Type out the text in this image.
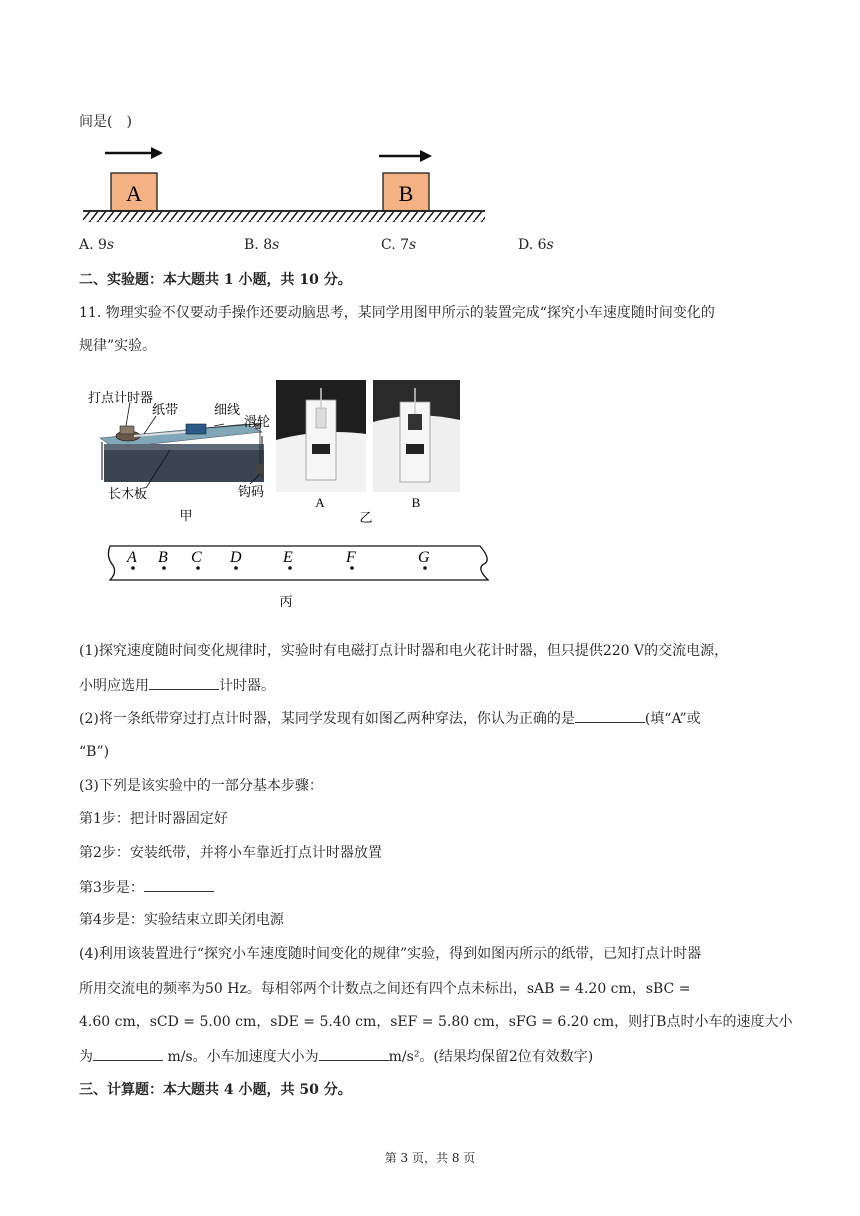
间是(　)
A	B
A. 9s	B. 8s	C. 7s	D. 6s
二、实验题：本大题共 1 小题，共 10 分。
11. 物理实验不仅要动手操作还要动脑思考，某同学用图甲所示的装置完成“探究小车速度随时间变化的
规律”实验。
打点计时器
纸带	细线
滑轮
长木板	钩码
甲
A	B
乙
A B C D	E	F	G
丙
(1)探究速度随时间变化规律时，实验时有电磁打点计时器和电火花计时器，但只提供220 V的交流电源，
小明应选用	计时器。
(2)将一条纸带穿过打点计时器，某同学发现有如图乙两种穿法，你认为正确的是	(填“A”或
“B”)
(3)下列是该实验中的一部分基本步骤：
第1步：把计时器固定好
第2步：安装纸带，并将小车靠近打点计时器放置
第3步是：
第4步是：实验结束立即关闭电源
(4)利用该装置进行“探究小车速度随时间变化的规律”实验，得到如图丙所示的纸带，已知打点计时器
所用交流电的频率为50 Hz。每相邻两个计数点之间还有四个点未标出，sAB = 4.20 cm，sBC =
4.60 cm，sCD = 5.00 cm，sDE = 5.40 cm，sEF = 5.80 cm，sFG = 6.20 cm，则打B点时小车的速度大小
为	m/s。小车加速度大小为	m/s²。(结果均保留2位有效数字)
三、计算题：本大题共 4 小题，共 50 分。
第 3 页，共 8 页
